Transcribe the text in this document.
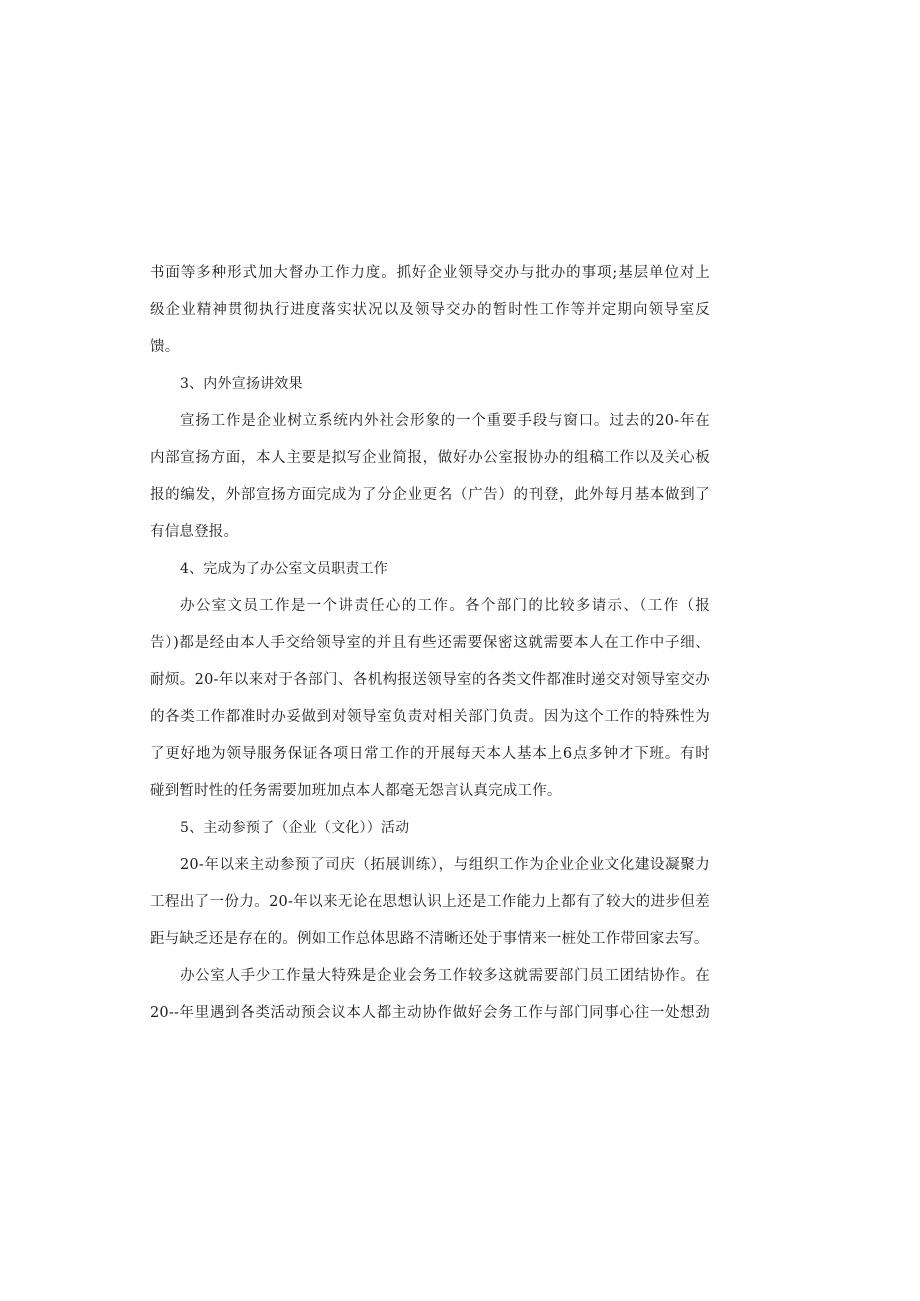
书面等多种形式加大督办工作力度。抓好企业领导交办与批办的事项;基层单位对上
级企业精神贯彻执行进度落实状况以及领导交办的暂时性工作等并定期向领导室反
馈。
3、内外宣扬讲效果
宣扬工作是企业树立系统内外社会形象的一个重要手段与窗口。过去的20-年在
内部宣扬方面，本人主要是拟写企业简报，做好办公室报协办的组稿工作以及关心板
报的编发，外部宣扬方面完成为了分企业更名（广告）的刊登，此外每月基本做到了
有信息登报。
4、完成为了办公室文员职责工作
办公室文员工作是一个讲责任心的工作。各个部门的比较多请示、（工作（报
告）)都是经由本人手交给领导室的并且有些还需要保密这就需要本人在工作中子细、
耐烦。20-年以来对于各部门、各机构报送领导室的各类文件都准时递交对领导室交办
的各类工作都准时办妥做到对领导室负责对相关部门负责。因为这个工作的特殊性为
了更好地为领导服务保证各项日常工作的开展每天本人基本上6点多钟才下班。有时
碰到暂时性的任务需要加班加点本人都毫无怨言认真完成工作。
5、主动参预了（企业（文化））活动
20-年以来主动参预了司庆（拓展训练），与组织工作为企业企业文化建设凝聚力
工程出了一份力。20-年以来无论在思想认识上还是工作能力上都有了较大的进步但差
距与缺乏还是存在的。例如工作总体思路不清晰还处于事情来一桩处工作带回家去写。
办公室人手少工作量大特殊是企业会务工作较多这就需要部门员工团结协作。在
20--年里遇到各类活动预会议本人都主动协作做好会务工作与部门同事心往一处想劲
